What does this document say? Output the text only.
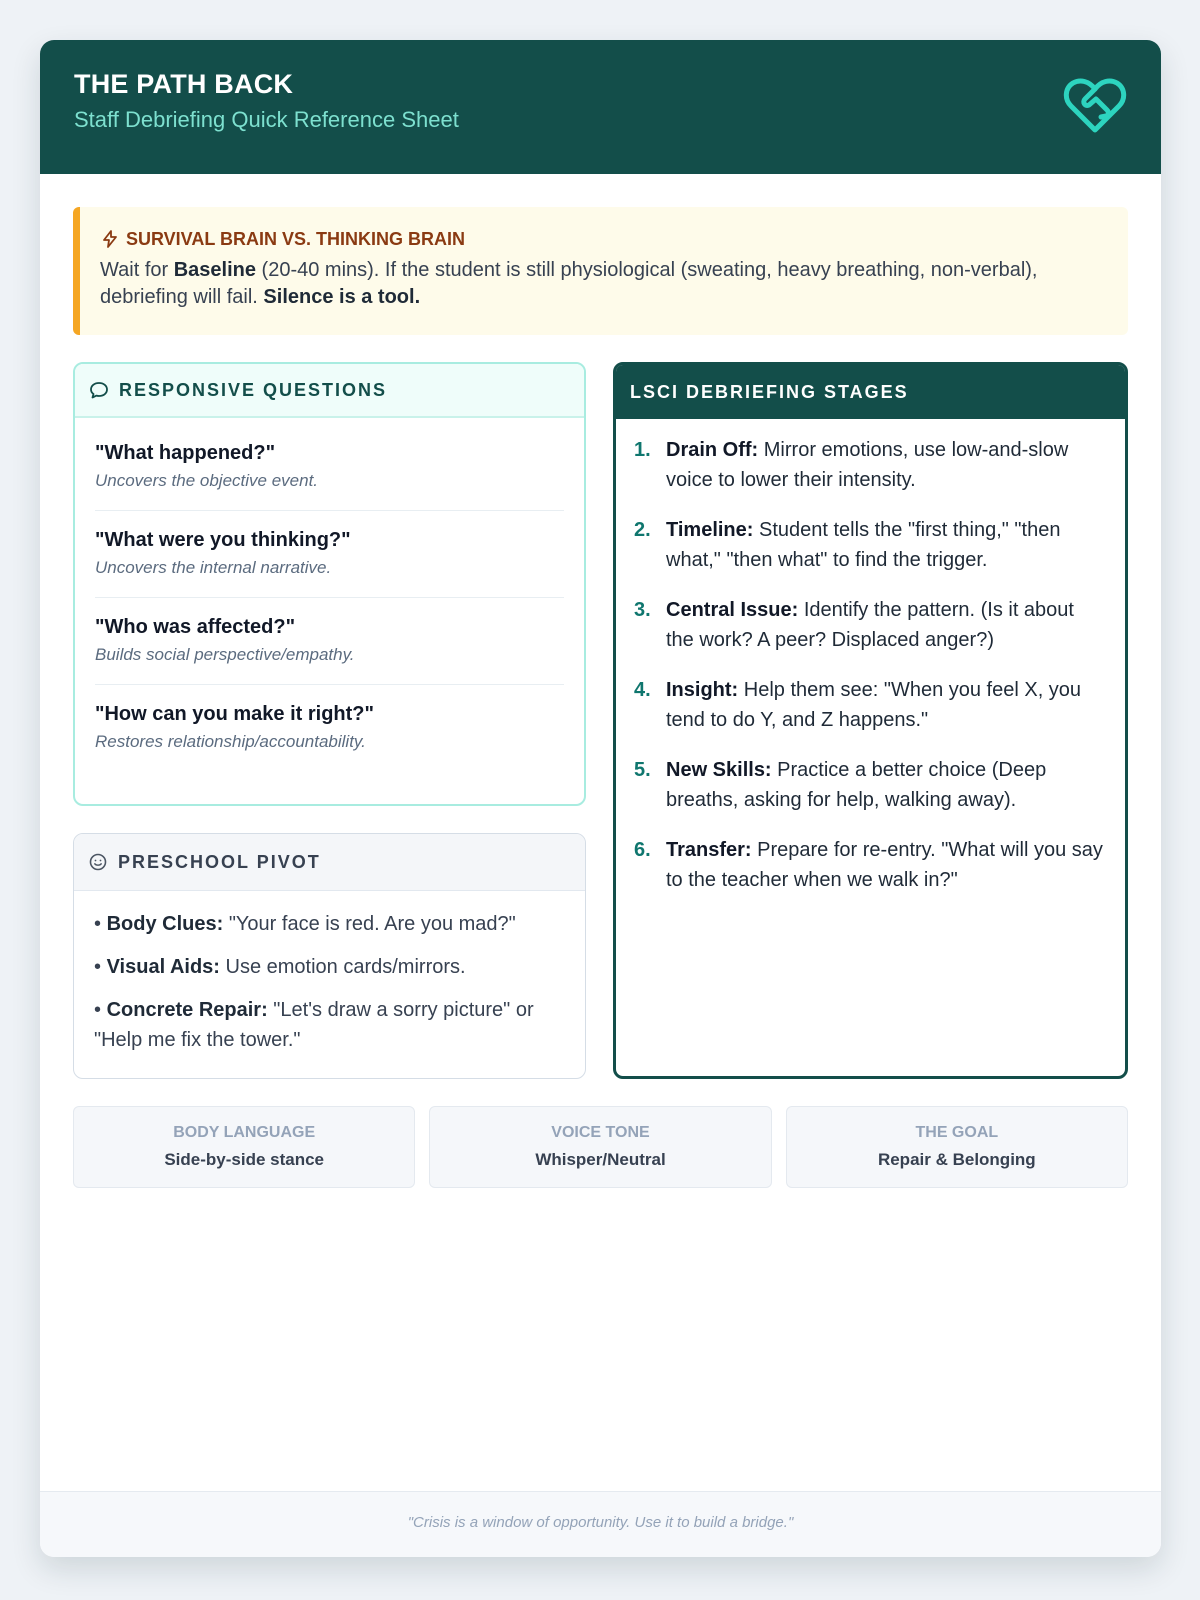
THE PATH BACK
Staff Debriefing Quick Reference Sheet
SURVIVAL BRAIN VS. THINKING BRAIN
Wait for Baseline (20-40 mins). If the student is still physiological (sweating, heavy breathing, non-verbal), debriefing will fail. Silence is a tool.
RESPONSIVE QUESTIONS
"What happened?"
Uncovers the objective event.
"What were you thinking?"
Uncovers the internal narrative.
"Who was affected?"
Builds social perspective/empathy.
"How can you make it right?"
Restores relationship/accountability.
PRESCHOOL PIVOT
• Body Clues: "Your face is red. Are you mad?"
• Visual Aids: Use emotion cards/mirrors.
• Concrete Repair: "Let's draw a sorry picture" or "Help me fix the tower."
LSCI DEBRIEFING STAGES
1. Drain Off: Mirror emotions, use low-and-slow voice to lower their intensity.
2. Timeline: Student tells the "first thing," "then what," "then what" to find the trigger.
3. Central Issue: Identify the pattern. (Is it about the work? A peer? Displaced anger?)
4. Insight: Help them see: "When you feel X, you tend to do Y, and Z happens."
5. New Skills: Practice a better choice (Deep breaths, asking for help, walking away).
6. Transfer: Prepare for re-entry. "What will you say to the teacher when we walk in?"
BODY LANGUAGE
Side-by-side stance
VOICE TONE
Whisper/Neutral
THE GOAL
Repair & Belonging
"Crisis is a window of opportunity. Use it to build a bridge."
